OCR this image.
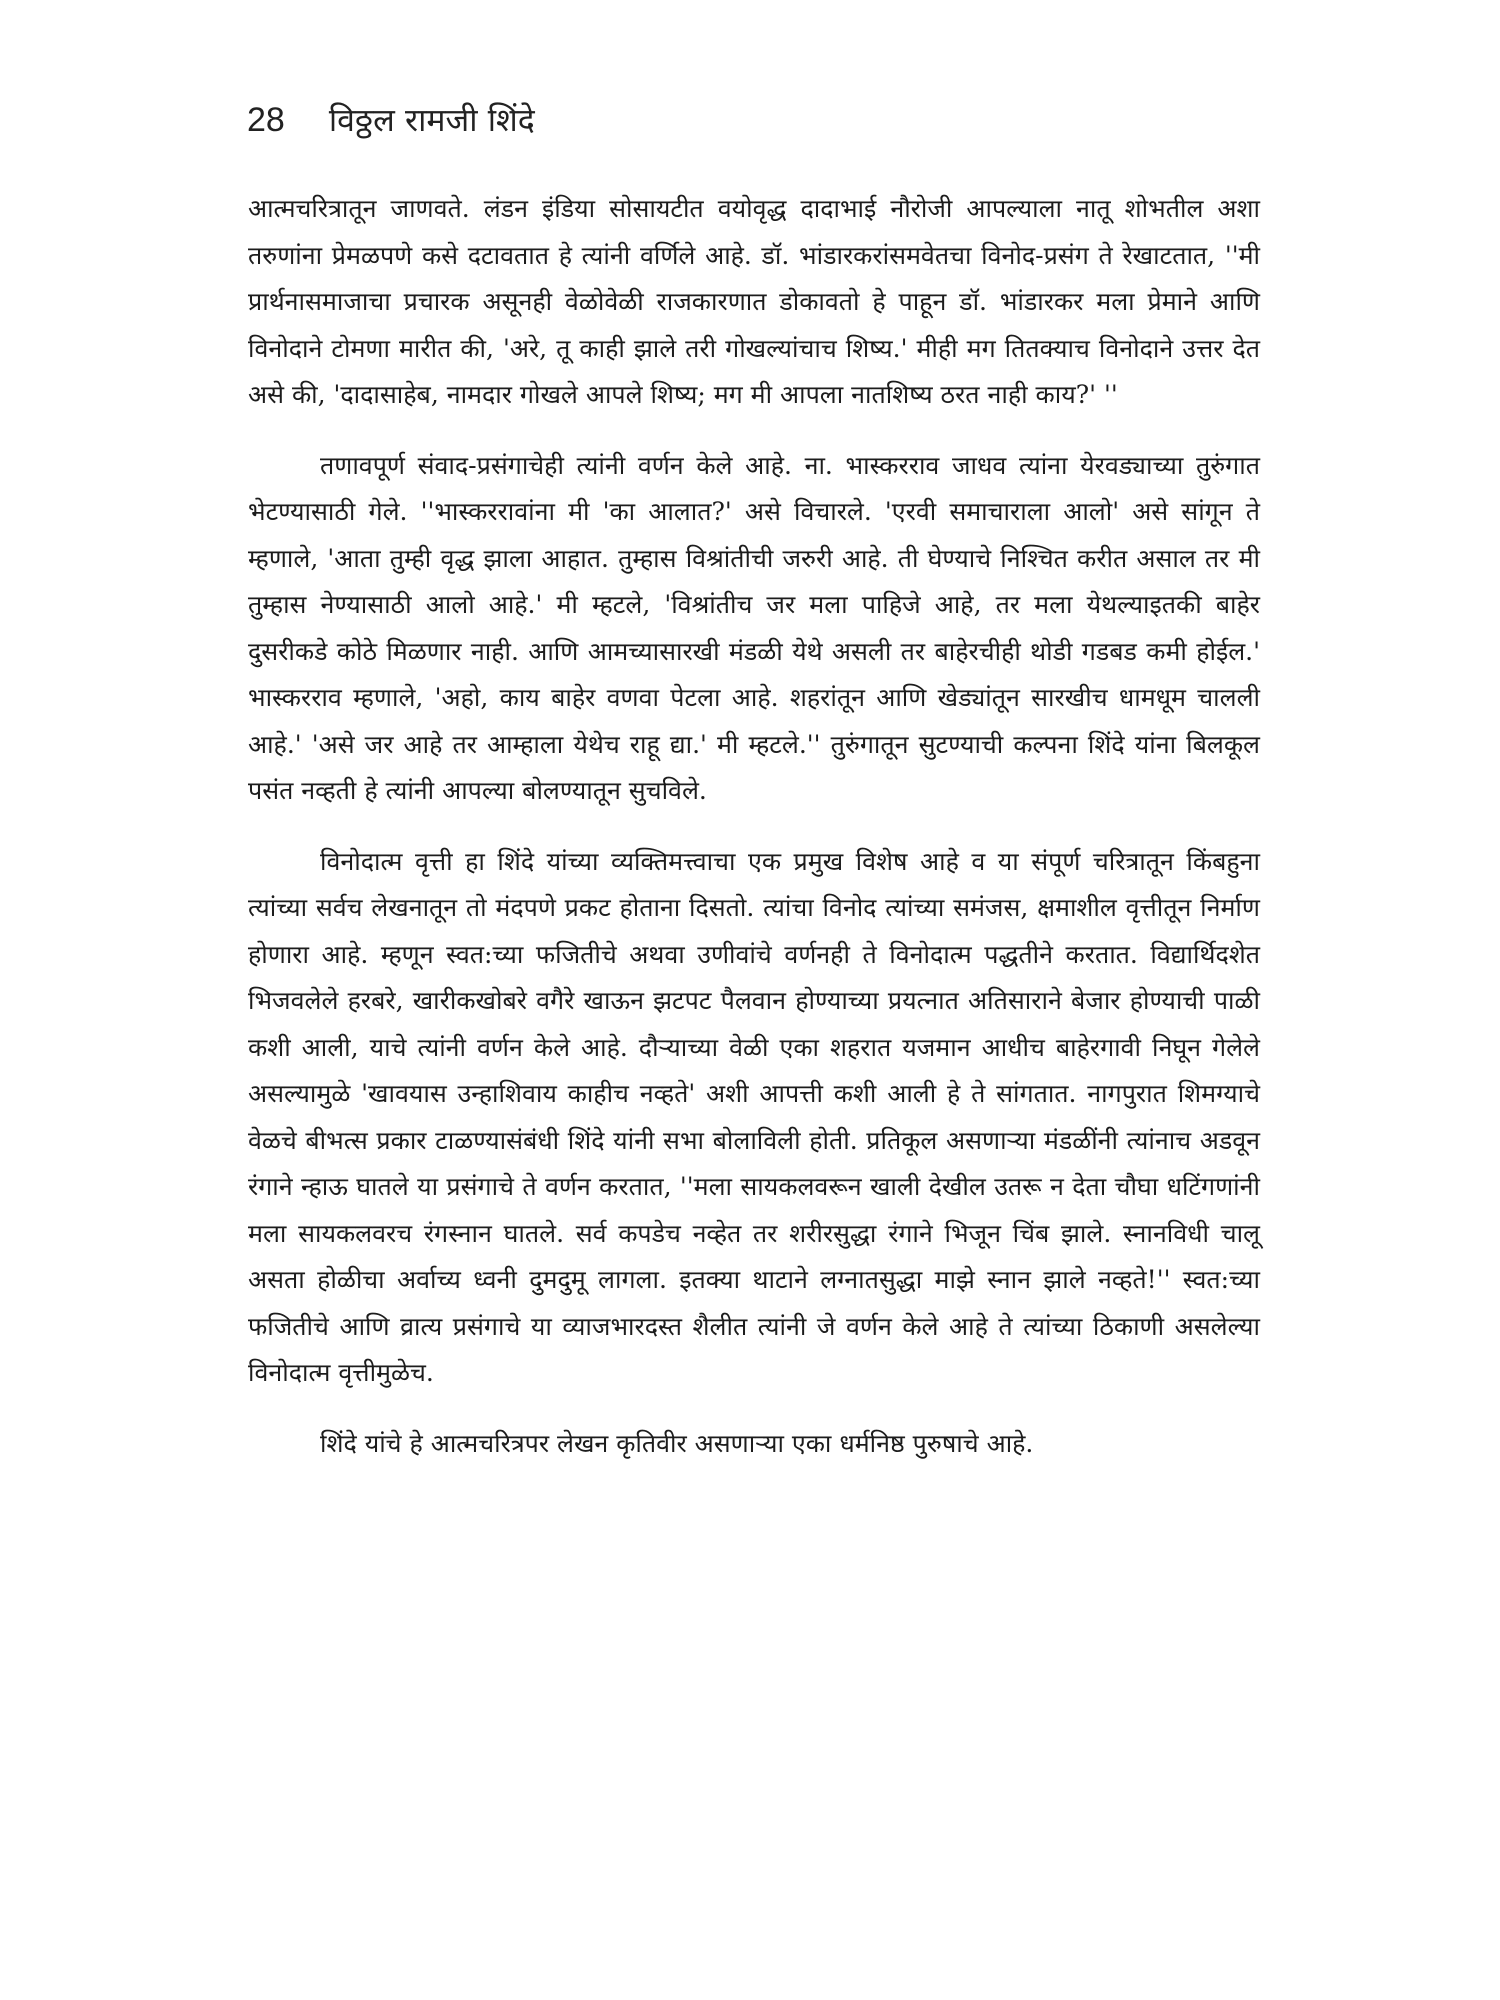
28 विठ्ठल रामजी शिंदे

आत्मचरित्रातून जाणवते. लंडन इंडिया सोसायटीत वयोवृद्ध दादाभाई नौरोजी आपल्याला नातू शोभतील अशा तरुणांना प्रेमळपणे कसे दटावतात हे त्यांनी वर्णिले आहे. डॉ. भांडारकरांसमवेतचा विनोद-प्रसंग ते रेखाटतात, ''मी प्रार्थनासमाजाचा प्रचारक असूनही वेळोवेळी राजकारणात डोकावतो हे पाहून डॉ. भांडारकर मला प्रेमाने आणि विनोदाने टोमणा मारीत की, 'अरे, तू काही झाले तरी गोखल्यांचाच शिष्य.' मीही मग तितक्याच विनोदाने उत्तर देत असे की, 'दादासाहेब, नामदार गोखले आपले शिष्य; मग मी आपला नातशिष्य ठरत नाही काय?' ''

तणावपूर्ण संवाद-प्रसंगाचेही त्यांनी वर्णन केले आहे. ना. भास्करराव जाधव त्यांना येरवड्याच्या तुरुंगात भेटण्यासाठी गेले. ''भास्कररावांना मी 'का आलात?' असे विचारले. 'एरवी समाचाराला आलो' असे सांगून ते म्हणाले, 'आता तुम्ही वृद्ध झाला आहात. तुम्हास विश्रांतीची जरुरी आहे. ती घेण्याचे निश्चित करीत असाल तर मी तुम्हास नेण्यासाठी आलो आहे.' मी म्हटले, 'विश्रांतीच जर मला पाहिजे आहे, तर मला येथल्याइतकी बाहेर दुसरीकडे कोठे मिळणार नाही. आणि आमच्यासारखी मंडळी येथे असली तर बाहेरचीही थोडी गडबड कमी होईल.' भास्करराव म्हणाले, 'अहो, काय बाहेर वणवा पेटला आहे. शहरांतून आणि खेड्यांतून सारखीच धामधूम चालली आहे.' 'असे जर आहे तर आम्हाला येथेच राहू द्या.' मी म्हटले.'' तुरुंगातून सुटण्याची कल्पना शिंदे यांना बिलकूल पसंत नव्हती हे त्यांनी आपल्या बोलण्यातून सुचविले.

विनोदात्म वृत्ती हा शिंदे यांच्या व्यक्तिमत्त्वाचा एक प्रमुख विशेष आहे व या संपूर्ण चरित्रातून किंबहुना त्यांच्या सर्वच लेखनातून तो मंदपणे प्रकट होताना दिसतो. त्यांचा विनोद त्यांच्या समंजस, क्षमाशील वृत्तीतून निर्माण होणारा आहे. म्हणून स्वत:च्या फजितीचे अथवा उणीवांचे वर्णनही ते विनोदात्म पद्धतीने करतात. विद्यार्थिदशेत भिजवलेले हरबरे, खारीकखोबरे वगैरे खाऊन झटपट पैलवान होण्याच्या प्रयत्नात अतिसाराने बेजार होण्याची पाळी कशी आली, याचे त्यांनी वर्णन केले आहे. दौऱ्याच्या वेळी एका शहरात यजमान आधीच बाहेरगावी निघून गेलेले असल्यामुळे 'खावयास उन्हाशिवाय काहीच नव्हते' अशी आपत्ती कशी आली हे ते सांगतात. नागपुरात शिमग्याचे वेळचे बीभत्स प्रकार टाळण्यासंबंधी शिंदे यांनी सभा बोलाविली होती. प्रतिकूल असणाऱ्या मंडळींनी त्यांनाच अडवून रंगाने न्हाऊ घातले या प्रसंगाचे ते वर्णन करतात, ''मला सायकलवरून खाली देखील उतरू न देता चौघा धटिंगणांनी मला सायकलवरच रंगस्नान घातले. सर्व कपडेच नव्हेत तर शरीरसुद्धा रंगाने भिजून चिंब झाले. स्नानविधी चालू असता होळीचा अर्वाच्य ध्वनी दुमदुमू लागला. इतक्या थाटाने लग्नातसुद्धा माझे स्नान झाले नव्हते!'' स्वत:च्या फजितीचे आणि व्रात्य प्रसंगाचे या व्याजभारदस्त शैलीत त्यांनी जे वर्णन केले आहे ते त्यांच्या ठिकाणी असलेल्या विनोदात्म वृत्तीमुळेच.

शिंदे यांचे हे आत्मचरित्रपर लेखन कृतिवीर असणाऱ्या एका धर्मनिष्ठ पुरुषाचे आहे.
